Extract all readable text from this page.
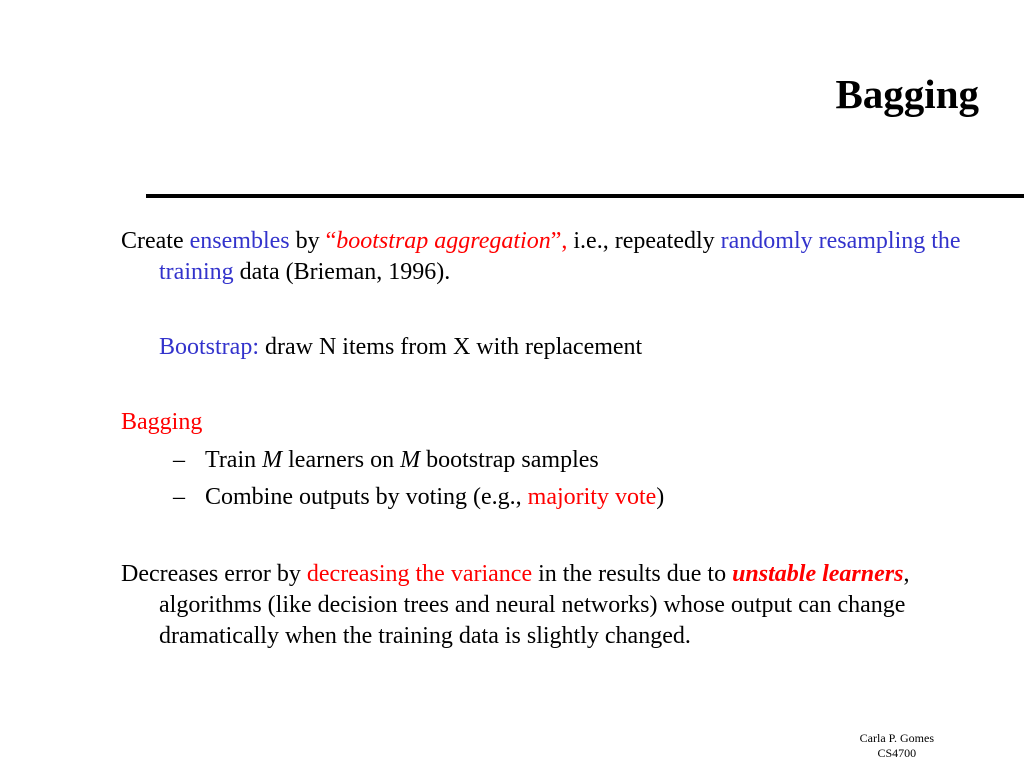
Bagging

Create ensembles by “bootstrap aggregation”, i.e., repeatedly randomly resampling the training data (Brieman, 1996).

Bootstrap: draw N items from X with replacement

Bagging

– Train M learners on M bootstrap samples
– Combine outputs by voting (e.g., majority vote)

Decreases error by decreasing the variance in the results due to unstable learners, algorithms (like decision trees and neural networks) whose output can change dramatically when the training data is slightly changed.

Carla P. Gomes
CS4700
